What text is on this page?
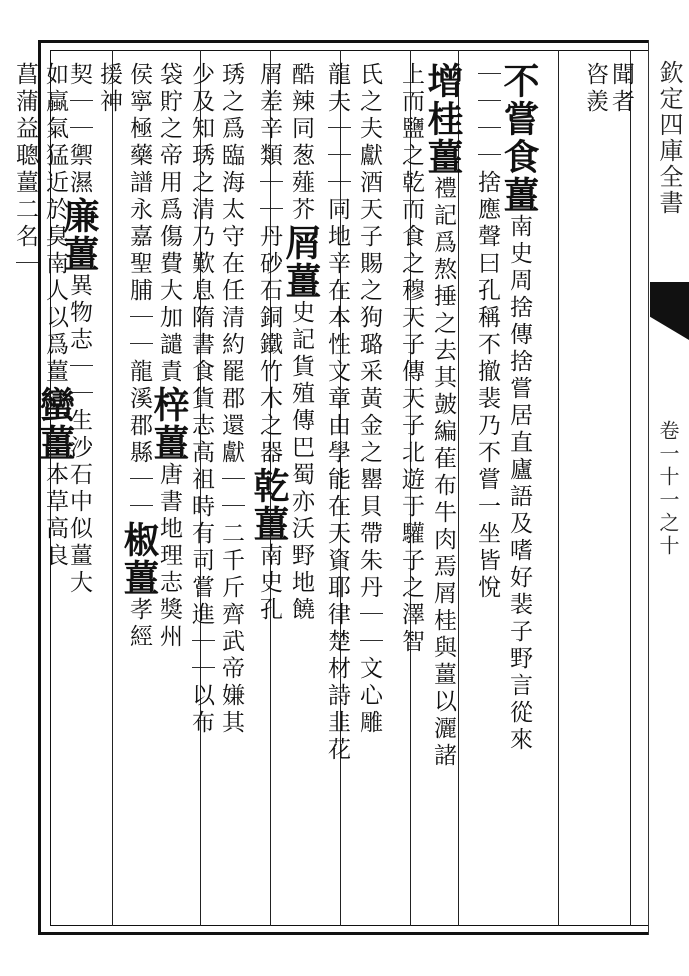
欽定四庫全書
卷一十一之十
聞者
咨羨
不嘗食薑南史周捨傳捨嘗居直廬語及嗜好裴子野言從來
｜｜｜｜捨應聲曰孔稱不撤裴乃不嘗一坐皆悅
增桂薑禮記爲熬捶之去其皷編萑布牛肉焉屑桂與薑以灑諸
上而鹽之乾而食之穆天子傳天子北遊于驩子之澤智
氏之夫獻酒天子賜之狗璐采黃金之罌貝帶朱丹｜｜文心雕
龍夫｜｜｜同地辛在本性文章由學能在天資耶律楚材詩韭花
酷辣同葱薤芥屑薑史記貨殖傳巴蜀亦沃野地饒
屑差辛類｜｜丹砂石銅鐵竹木之器乾薑南史孔
琇之爲臨海太守在任清約罷郡還獻｜｜二千斤齊武帝嫌其
少及知琇之清乃歎息隋書食貨志高祖時有司嘗進｜｜以布
袋貯之帝用爲傷費大加譴責梓薑唐書地理志獎州
侯寧極藥譜永嘉聖脯｜｜龍溪郡縣｜｜椒薑孝經
援神
契｜｜禦濕廉薑異物志｜｜生沙石中似薑大
如蠃氣猛近於臭南人以爲薑蠻薑本草高良
菖蒲益聰薑二名｜
